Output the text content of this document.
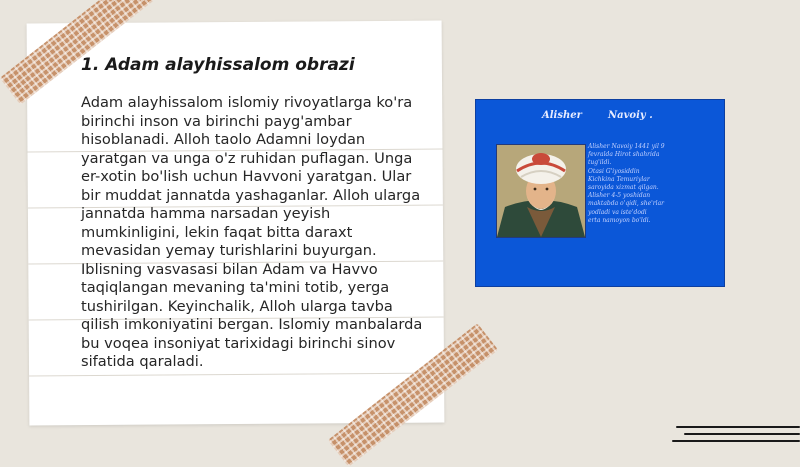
1. Adam alayhissalom obrazi

Adam alayhissalom islomiy rivoyatlarga ko'ra birinchi inson va birinchi payg'ambar hisoblanadi. Alloh taolo Adamni loydan yaratgan va unga o'z ruhidan puflagan. Unga er-xotin bo'lish uchun Havvoni yaratgan. Ular bir muddat jannatda yashaganlar. Alloh ularga jannatda hamma narsadan yeyish mumkinligini, lekin faqat bitta daraxt mevasidan yemay turishlarini buyurgan. Iblisning vasvasasi bilan Adam va Havvo taqiqlangan mevaning ta'mini totib, yerga tushirilgan. Keyinchalik, Alloh ularga tavba qilish imkoniyatini bergan. Islomiy manbalarda bu voqea insoniyat tarixidagi birinchi sinov sifatida qaraladi.

Alisher	Navoiy .
Alisher Navoiy 1441 yil 9
fevralda Hirot shahrida
tug'ildi.
Otasi G'iyosiddin
Kichkina Temuriylar
saroyida xizmat qilgan.
Alisher 4-5 yoshidan
maktabda o'qidi, she'rlar
yodladi va iste'dodi
erta namoyon bo'ldi.
